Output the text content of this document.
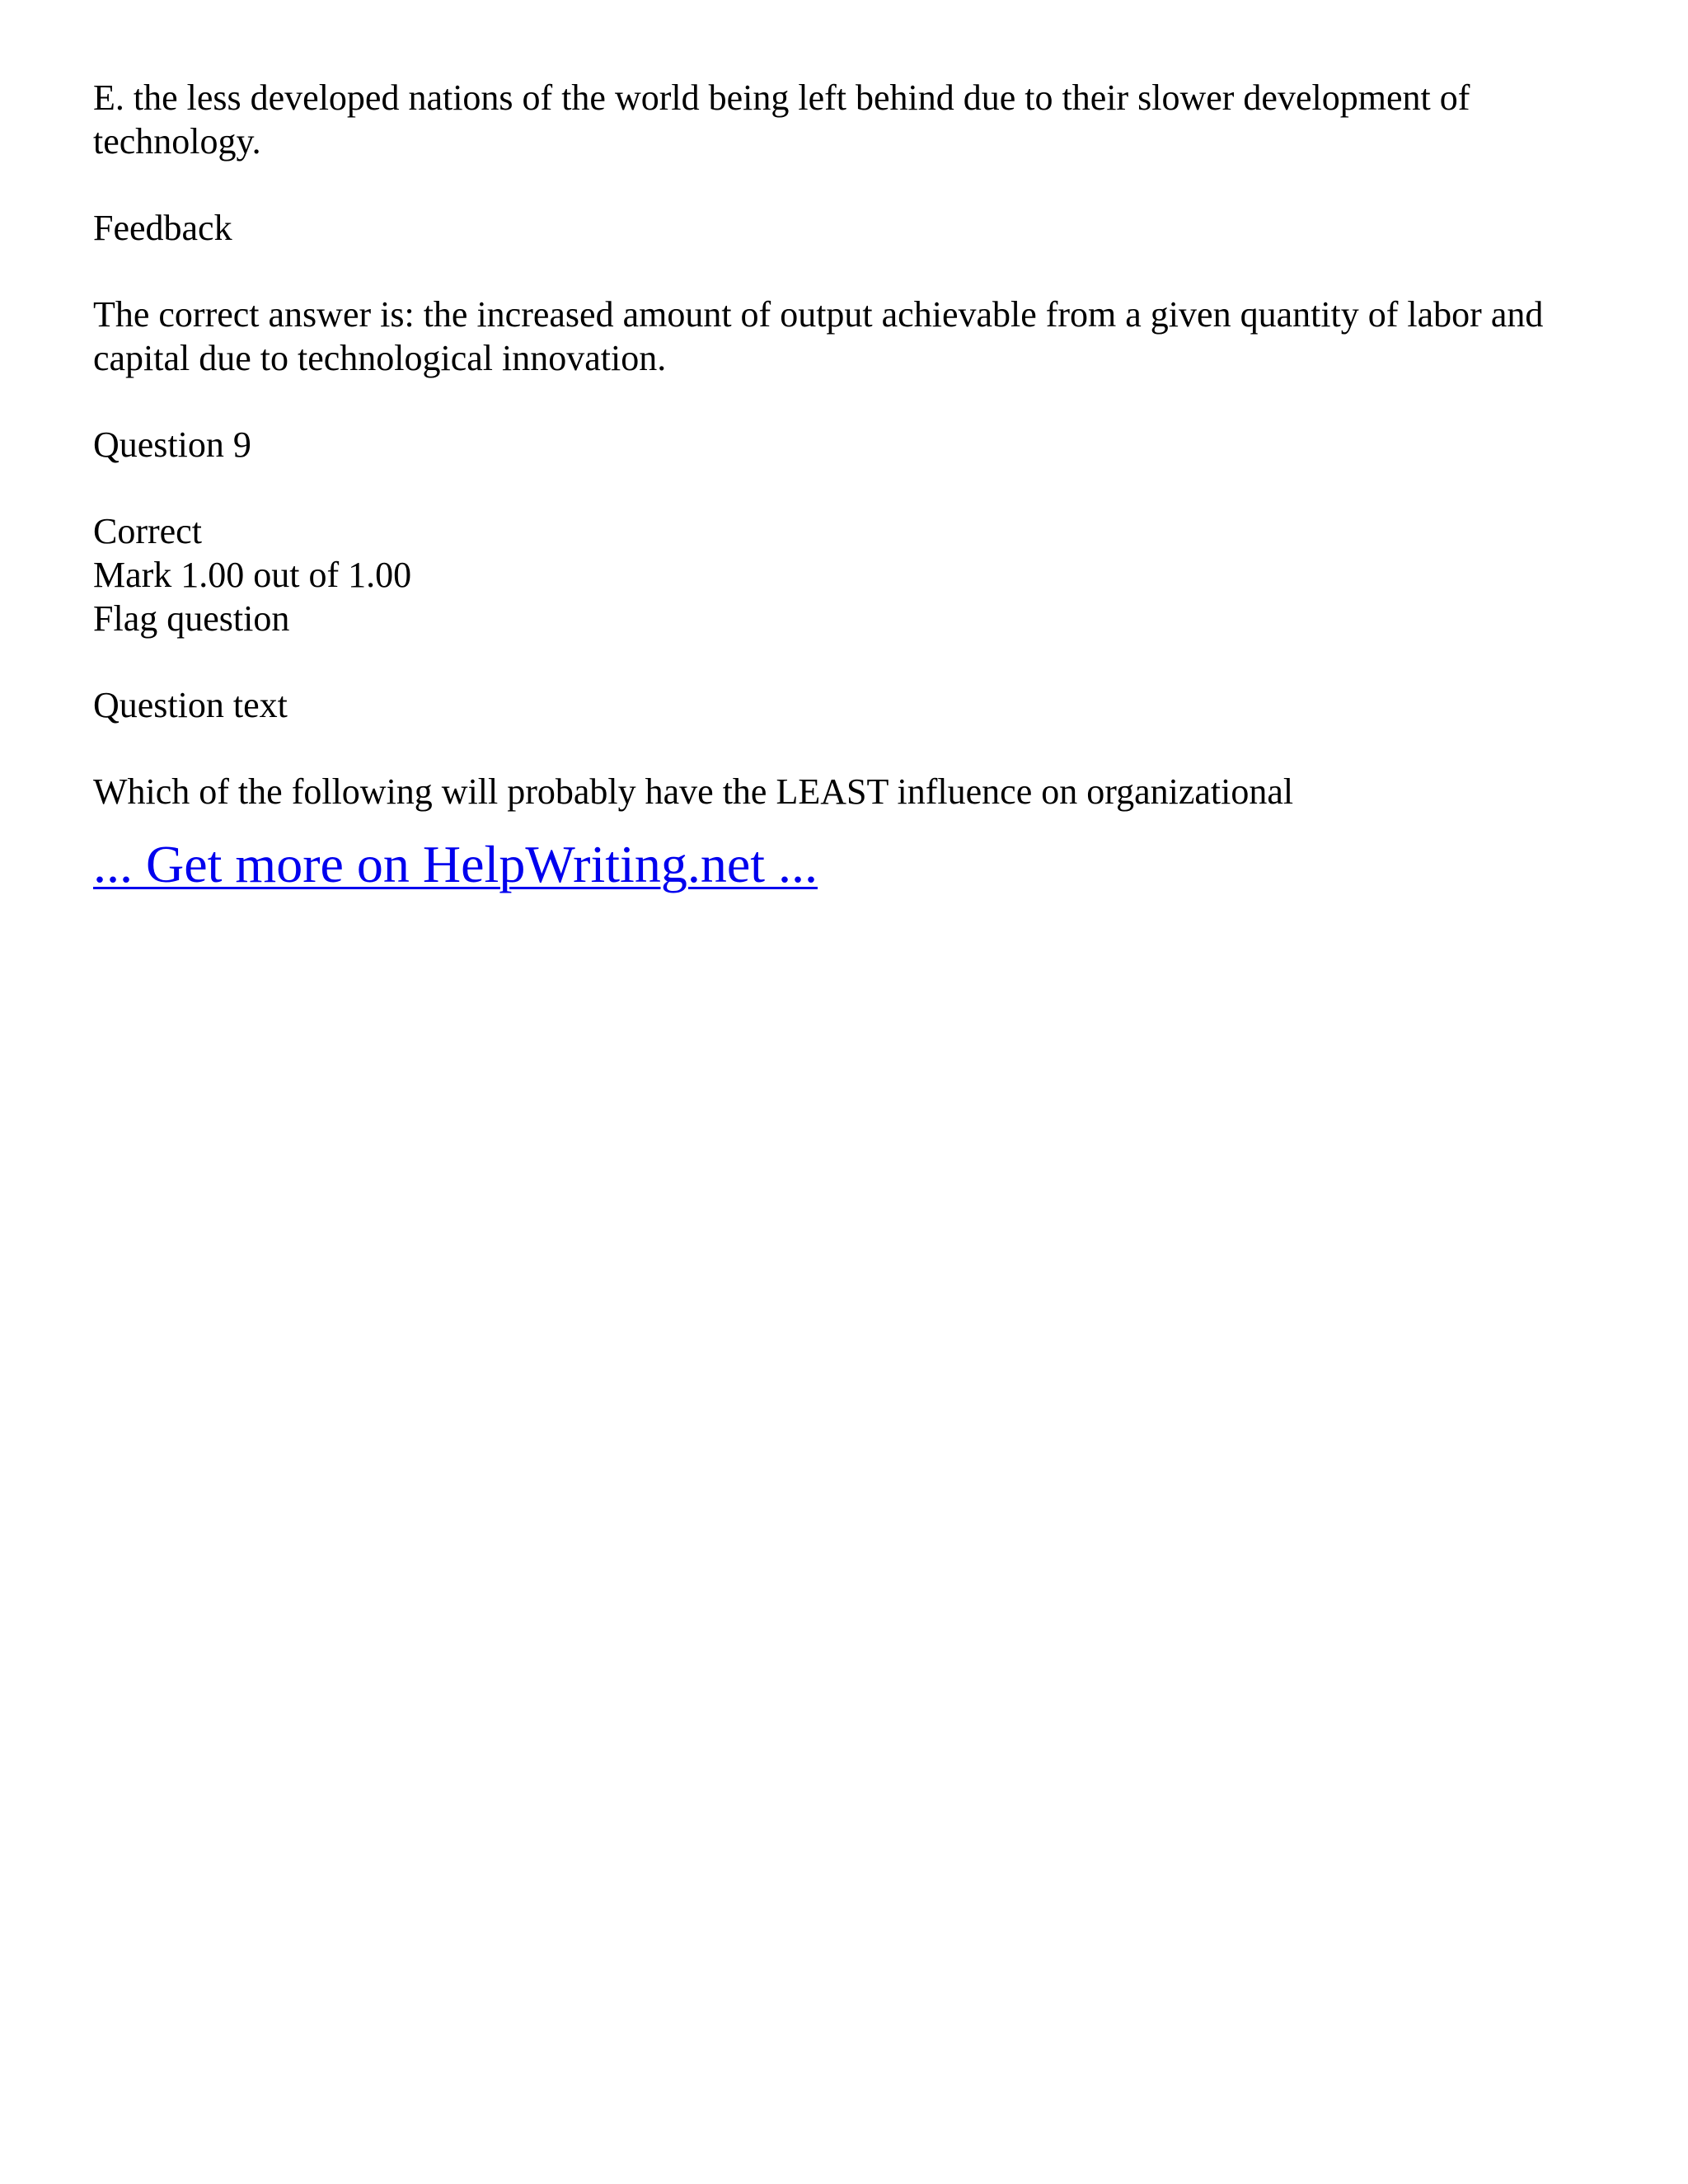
E. the less developed nations of the world being left behind due to their slower development of technology.

Feedback

The correct answer is: the increased amount of output achievable from a given quantity of labor and capital due to technological innovation.

Question 9

Correct
Mark 1.00 out of 1.00
Flag question

Question text

Which of the following will probably have the LEAST influence on organizational

... Get more on HelpWriting.net ...
